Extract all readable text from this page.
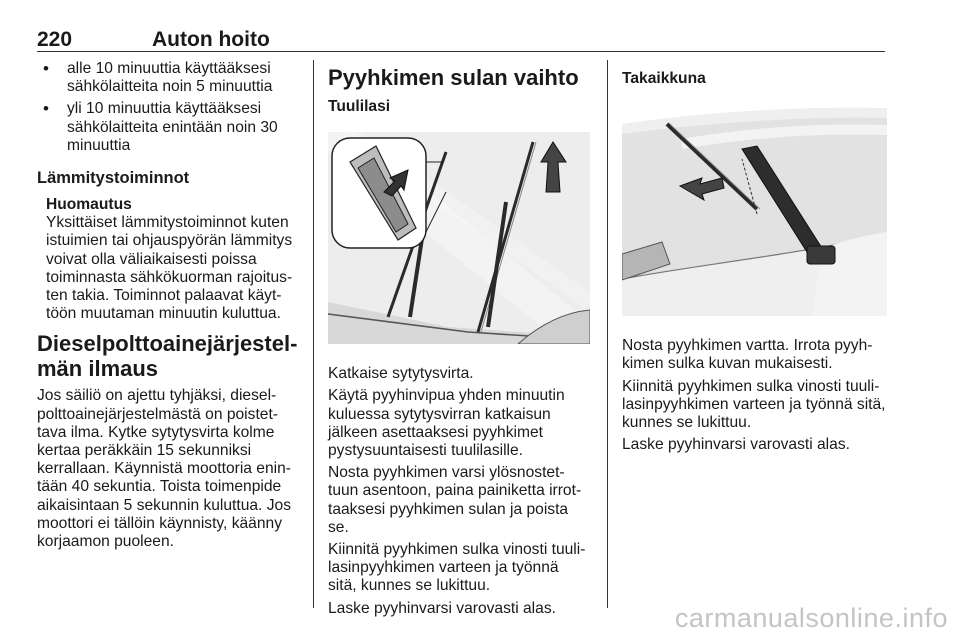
220	Auton hoito
• alle 10 minuuttia käyttääksesi sähkölaitteita noin 5 minuuttia
• yli 10 minuuttia käyttääksesi sähkölaitteita enintään noin 30 minuuttia
Lämmitystoiminnot
Huomautus

Yksittäiset lämmitystoiminnot kuten istuimien tai ohjauspyörän lämmitys voivat olla väliaikaisesti poissa toiminnasta sähkökuorman rajoitus-ten takia. Toiminnot palaavat käyt-töön muutaman minuutin kuluttua.

Dieselpolttoainejärjestel-män ilmaus

Jos säiliö on ajettu tyhjäksi, diesel-polttoainejärjestelmästä on poistet-tava ilma. Kytke sytytysvirta kolme kertaa peräkkäin 15 sekunniksi kerrallaan. Käynnistä moottoria enin-tään 40 sekuntia. Toista toimenpide aikaisintaan 5 sekunnin kuluttua. Jos moottori ei tällöin käynnisty, käänny korjaamon puoleen.

Pyyhkimen sulan vaihto
Tuulilasi

Katkaise sytytysvirta.

Käytä pyyhinvipua yhden minuutin kuluessa sytytysvirran katkaisun jälkeen asettaaksesi pyyhkimet pystysuuntaisesti tuulilasille.

Nosta pyyhkimen varsi ylösnostet-tuun asentoon, paina painiketta irrot-taaksesi pyyhkimen sulan ja poista se.

Kiinnitä pyyhkimen sulka vinosti tuuli-lasinpyyhkimen varteen ja työnnä sitä, kunnes se lukittuu.

Laske pyyhinvarsi varovasti alas.

Takaikkuna

Nosta pyyhkimen vartta. Irrota pyyh-kimen sulka kuvan mukaisesti.

Kiinnitä pyyhkimen sulka vinosti tuuli-lasinpyyhkimen varteen ja työnnä sitä, kunnes se lukittuu.

Laske pyyhinvarsi varovasti alas.

carmanualsonline.info
